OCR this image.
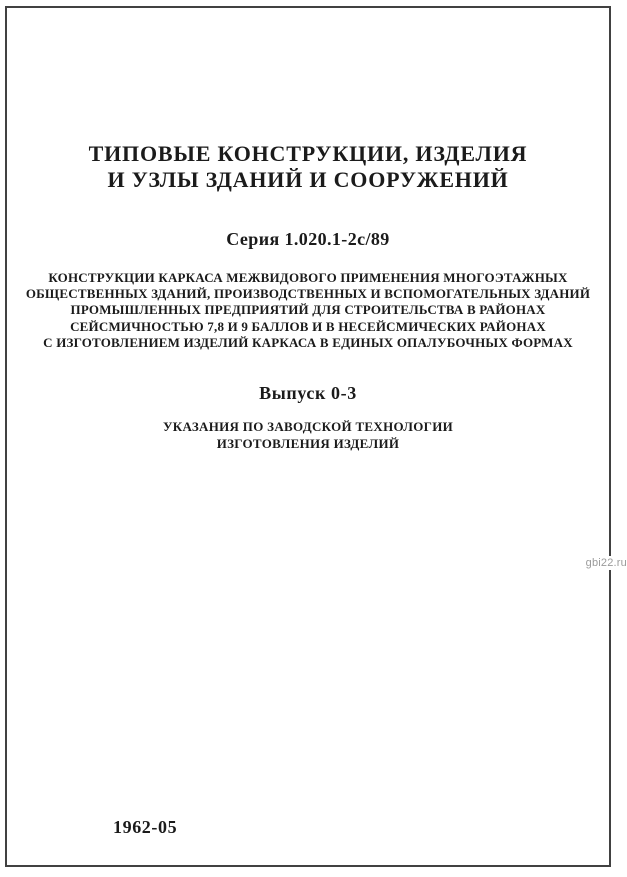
ТИПОВЫЕ КОНСТРУКЦИИ, ИЗДЕЛИЯ
И УЗЛЫ ЗДАНИЙ И СООРУЖЕНИЙ
Серия 1.020.1-2с/89
КОНСТРУКЦИИ КАРКАСА МЕЖВИДОВОГО ПРИМЕНЕНИЯ МНОГОЭТАЖНЫХ
ОБЩЕСТВЕННЫХ ЗДАНИЙ, ПРОИЗВОДСТВЕННЫХ И ВСПОМОГАТЕЛЬНЫХ ЗДАНИЙ
ПРОМЫШЛЕННЫХ ПРЕДПРИЯТИЙ ДЛЯ СТРОИТЕЛЬСТВА В РАЙОНАХ
СЕЙСМИЧНОСТЬЮ 7,8 И 9 БАЛЛОВ И В НЕСЕЙСМИЧЕСКИХ РАЙОНАХ
С ИЗГОТОВЛЕНИЕМ ИЗДЕЛИЙ КАРКАСА В ЕДИНЫХ ОПАЛУБОЧНЫХ ФОРМАХ
Выпуск 0-3
УКАЗАНИЯ ПО ЗАВОДСКОЙ ТЕХНОЛОГИИ
ИЗГОТОВЛЕНИЯ ИЗДЕЛИЙ
gbi22.ru
1962-05
